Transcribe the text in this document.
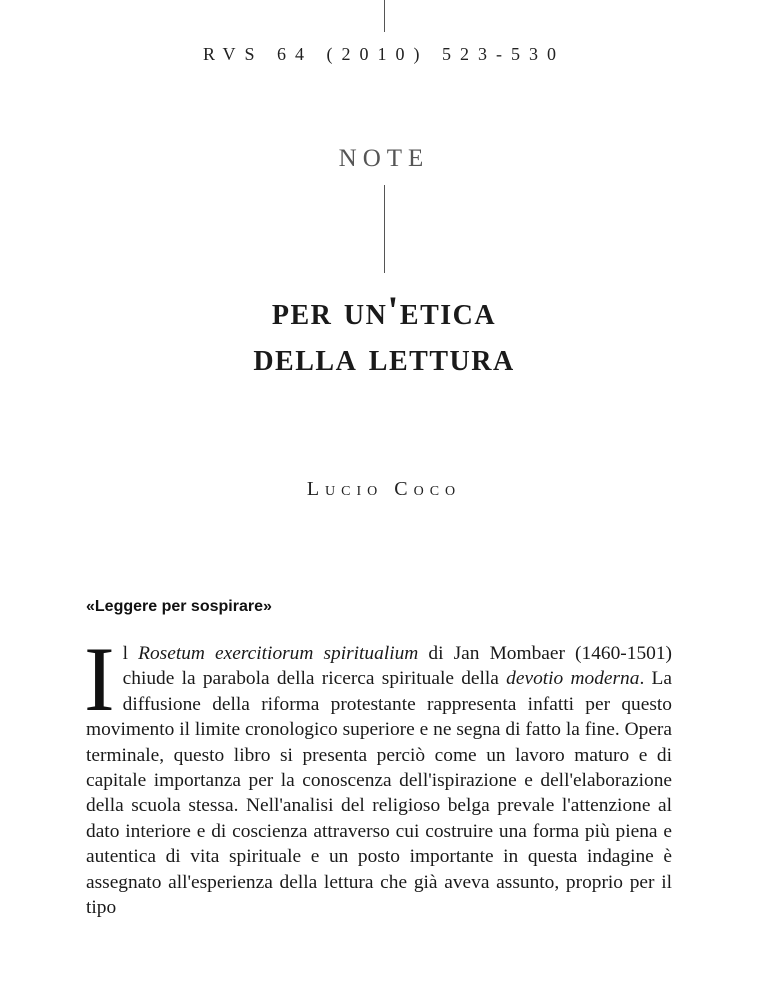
RVS 64 (2010) 523-530
NOTE
per un'etica
della lettura
Lucio Coco
«Leggere per sospirare»
Il Rosetum exercitiorum spiritualium di Jan Mombaer (1460-1501) chiude la parabola della ricerca spirituale della devotio moderna. La diffusione della riforma protestante rappresenta infatti per questo movimento il limite cronologico superiore e ne segna di fatto la fine. Opera terminale, questo libro si presenta perciò come un lavoro maturo e di capitale importanza per la conoscenza dell'ispirazione e dell'elaborazione della scuola stessa. Nell'analisi del religioso belga prevale l'attenzione al dato interiore e di coscienza attraverso cui costruire una forma più piena e autentica di vita spirituale e un posto importante in questa indagine è assegnato all'esperienza della lettura che già aveva assunto, proprio per il tipo
